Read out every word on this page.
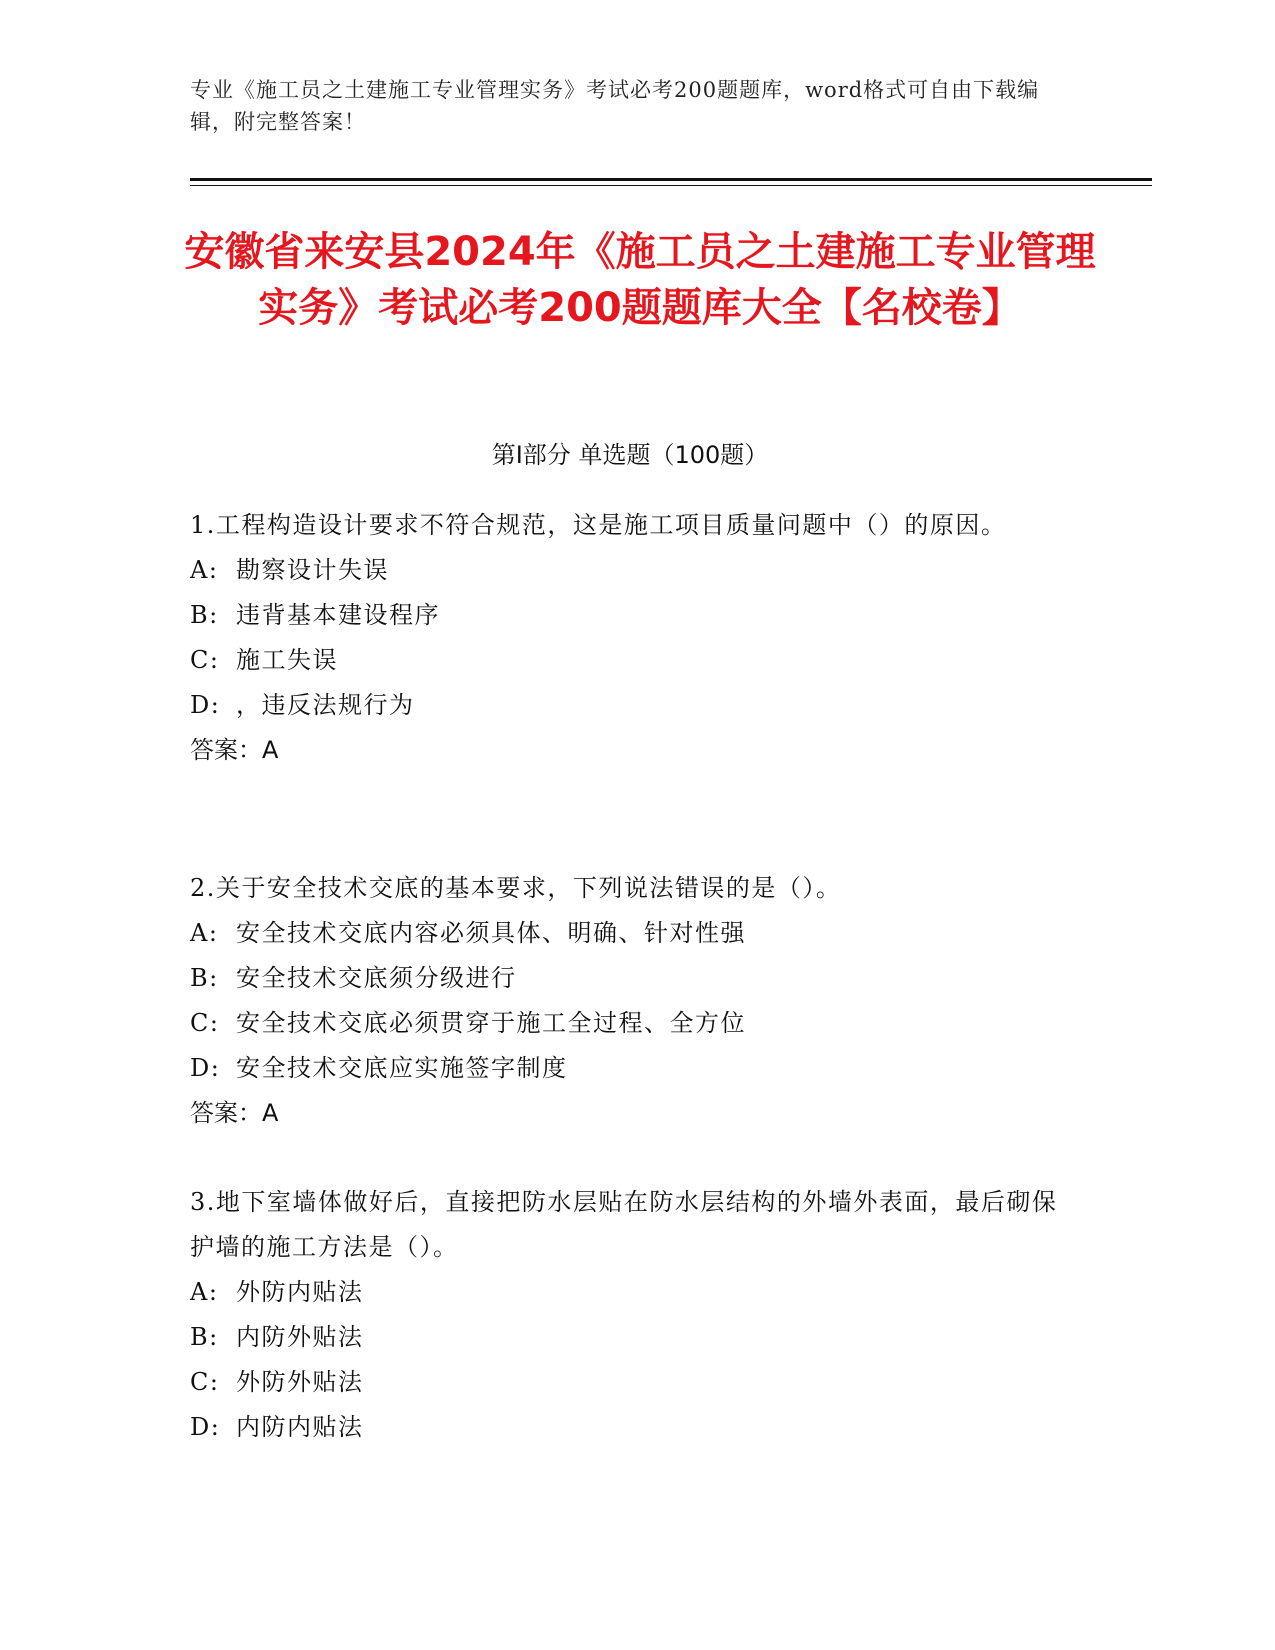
专业《施工员之土建施工专业管理实务》考试必考200题题库，word格式可自由下载编辑，附完整答案！
安徽省来安县2024年《施工员之土建施工专业管理实务》考试必考200题题库大全【名校卷】
第I部分 单选题（100题）
1.工程构造设计要求不符合规范，这是施工项目质量问题中（）的原因。
A: 勘察设计失误
B: 违背基本建设程序
C: 施工失误
D: ，违反法规行为
答案：A
2.关于安全技术交底的基本要求，下列说法错误的是（）。
A: 安全技术交底内容必须具体、明确、针对性强
B: 安全技术交底须分级进行
C: 安全技术交底必须贯穿于施工全过程、全方位
D: 安全技术交底应实施签字制度
答案：A
3.地下室墙体做好后，直接把防水层贴在防水层结构的外墙外表面，最后砌保护墙的施工方法是（）。
A: 外防内贴法
B: 内防外贴法
C: 外防外贴法
D: 内防内贴法
